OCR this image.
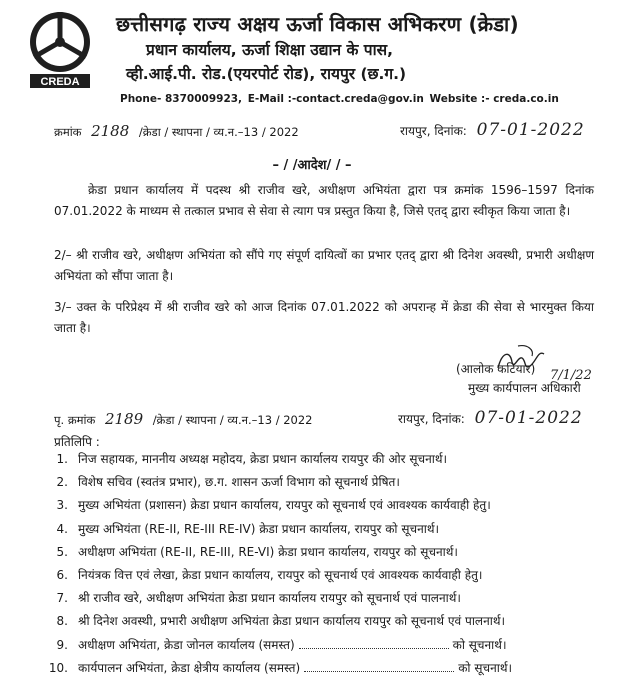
CREDA
छत्तीसगढ़ राज्य अक्षय ऊर्जा विकास अभिकरण (क्रेडा)
प्रधान कार्यालय, ऊर्जा शिक्षा उद्यान के पास,
व्ही.आई.पी. रोड.(एयरपोर्ट रोड), रायपुर (छ.ग.)
Phone- 8370009923, E-Mail :-contact.creda@gov.in Website :- creda.co.in
क्रमांक 2188 /क्रेडा / स्थापना / व्य.न.–13 / 2022	रायपुर, दिनांक: 07-01-2022
– / /आदेश/ / –
क्रेडा प्रधान कार्यालय में पदस्थ श्री राजीव खरे, अधीक्षण अभियंता द्वारा पत्र क्रमांक 1596–1597 दिनांक 07.01.2022 के माध्यम से तत्काल प्रभाव से सेवा से त्याग पत्र प्रस्तुत किया है, जिसे एतद् द्वारा स्वीकृत किया जाता है।
2/– श्री राजीव खरे, अधीक्षण अभियंता को सौंपे गए संपूर्ण दायित्वों का प्रभार एतद् द्वारा श्री दिनेश अवस्थी, प्रभारी अधीक्षण अभियंता को सौंपा जाता है।
3/– उक्त के परिप्रेक्ष्य में श्री राजीव खरे को आज दिनांक 07.01.2022 को अपरान्ह में क्रेडा की सेवा से भारमुक्त किया जाता है।
(आलोक कटियार) 7/1/22
मुख्य कार्यपालन अधिकारी
पृ. क्रमांक 2189 /क्रेडा / स्थापना / व्य.न.–13 / 2022	रायपुर, दिनांक: 07-01-2022
प्रतिलिपि :
1. निज सहायक, माननीय अध्यक्ष महोदय, क्रेडा प्रधान कार्यालय रायपुर की ओर सूचनार्थ।
2. विशेष सचिव (स्वतंत्र प्रभार), छ.ग. शासन ऊर्जा विभाग को सूचनार्थ प्रेषित।
3. मुख्य अभियंता (प्रशासन) क्रेडा प्रधान कार्यालय, रायपुर को सूचनार्थ एवं आवश्यक कार्यवाही हेतु।
4. मुख्य अभियंता (RE-II, RE-III RE-IV) क्रेडा प्रधान कार्यालय, रायपुर को सूचनार्थ।
5. अधीक्षण अभियंता (RE-II, RE-III, RE-VI) क्रेडा प्रधान कार्यालय, रायपुर को सूचनार्थ।
6. नियंत्रक वित्त एवं लेखा, क्रेडा प्रधान कार्यालय, रायपुर को सूचनार्थ एवं आवश्यक कार्यवाही हेतु।
7. श्री राजीव खरे, अधीक्षण अभियंता क्रेडा प्रधान कार्यालय रायपुर को सूचनार्थ एवं पालनार्थ।
8. श्री दिनेश अवस्थी, प्रभारी अधीक्षण अभियंता क्रेडा प्रधान कार्यालय रायपुर को सूचनार्थ एवं पालनार्थ।
9. अधीक्षण अभियंता, क्रेडा जोनल कार्यालय (समस्त)	को सूचनार्थ।
10. कार्यपालन अभियंता, क्रेडा क्षेत्रीय कार्यालय (समस्त)	को सूचनार्थ।
